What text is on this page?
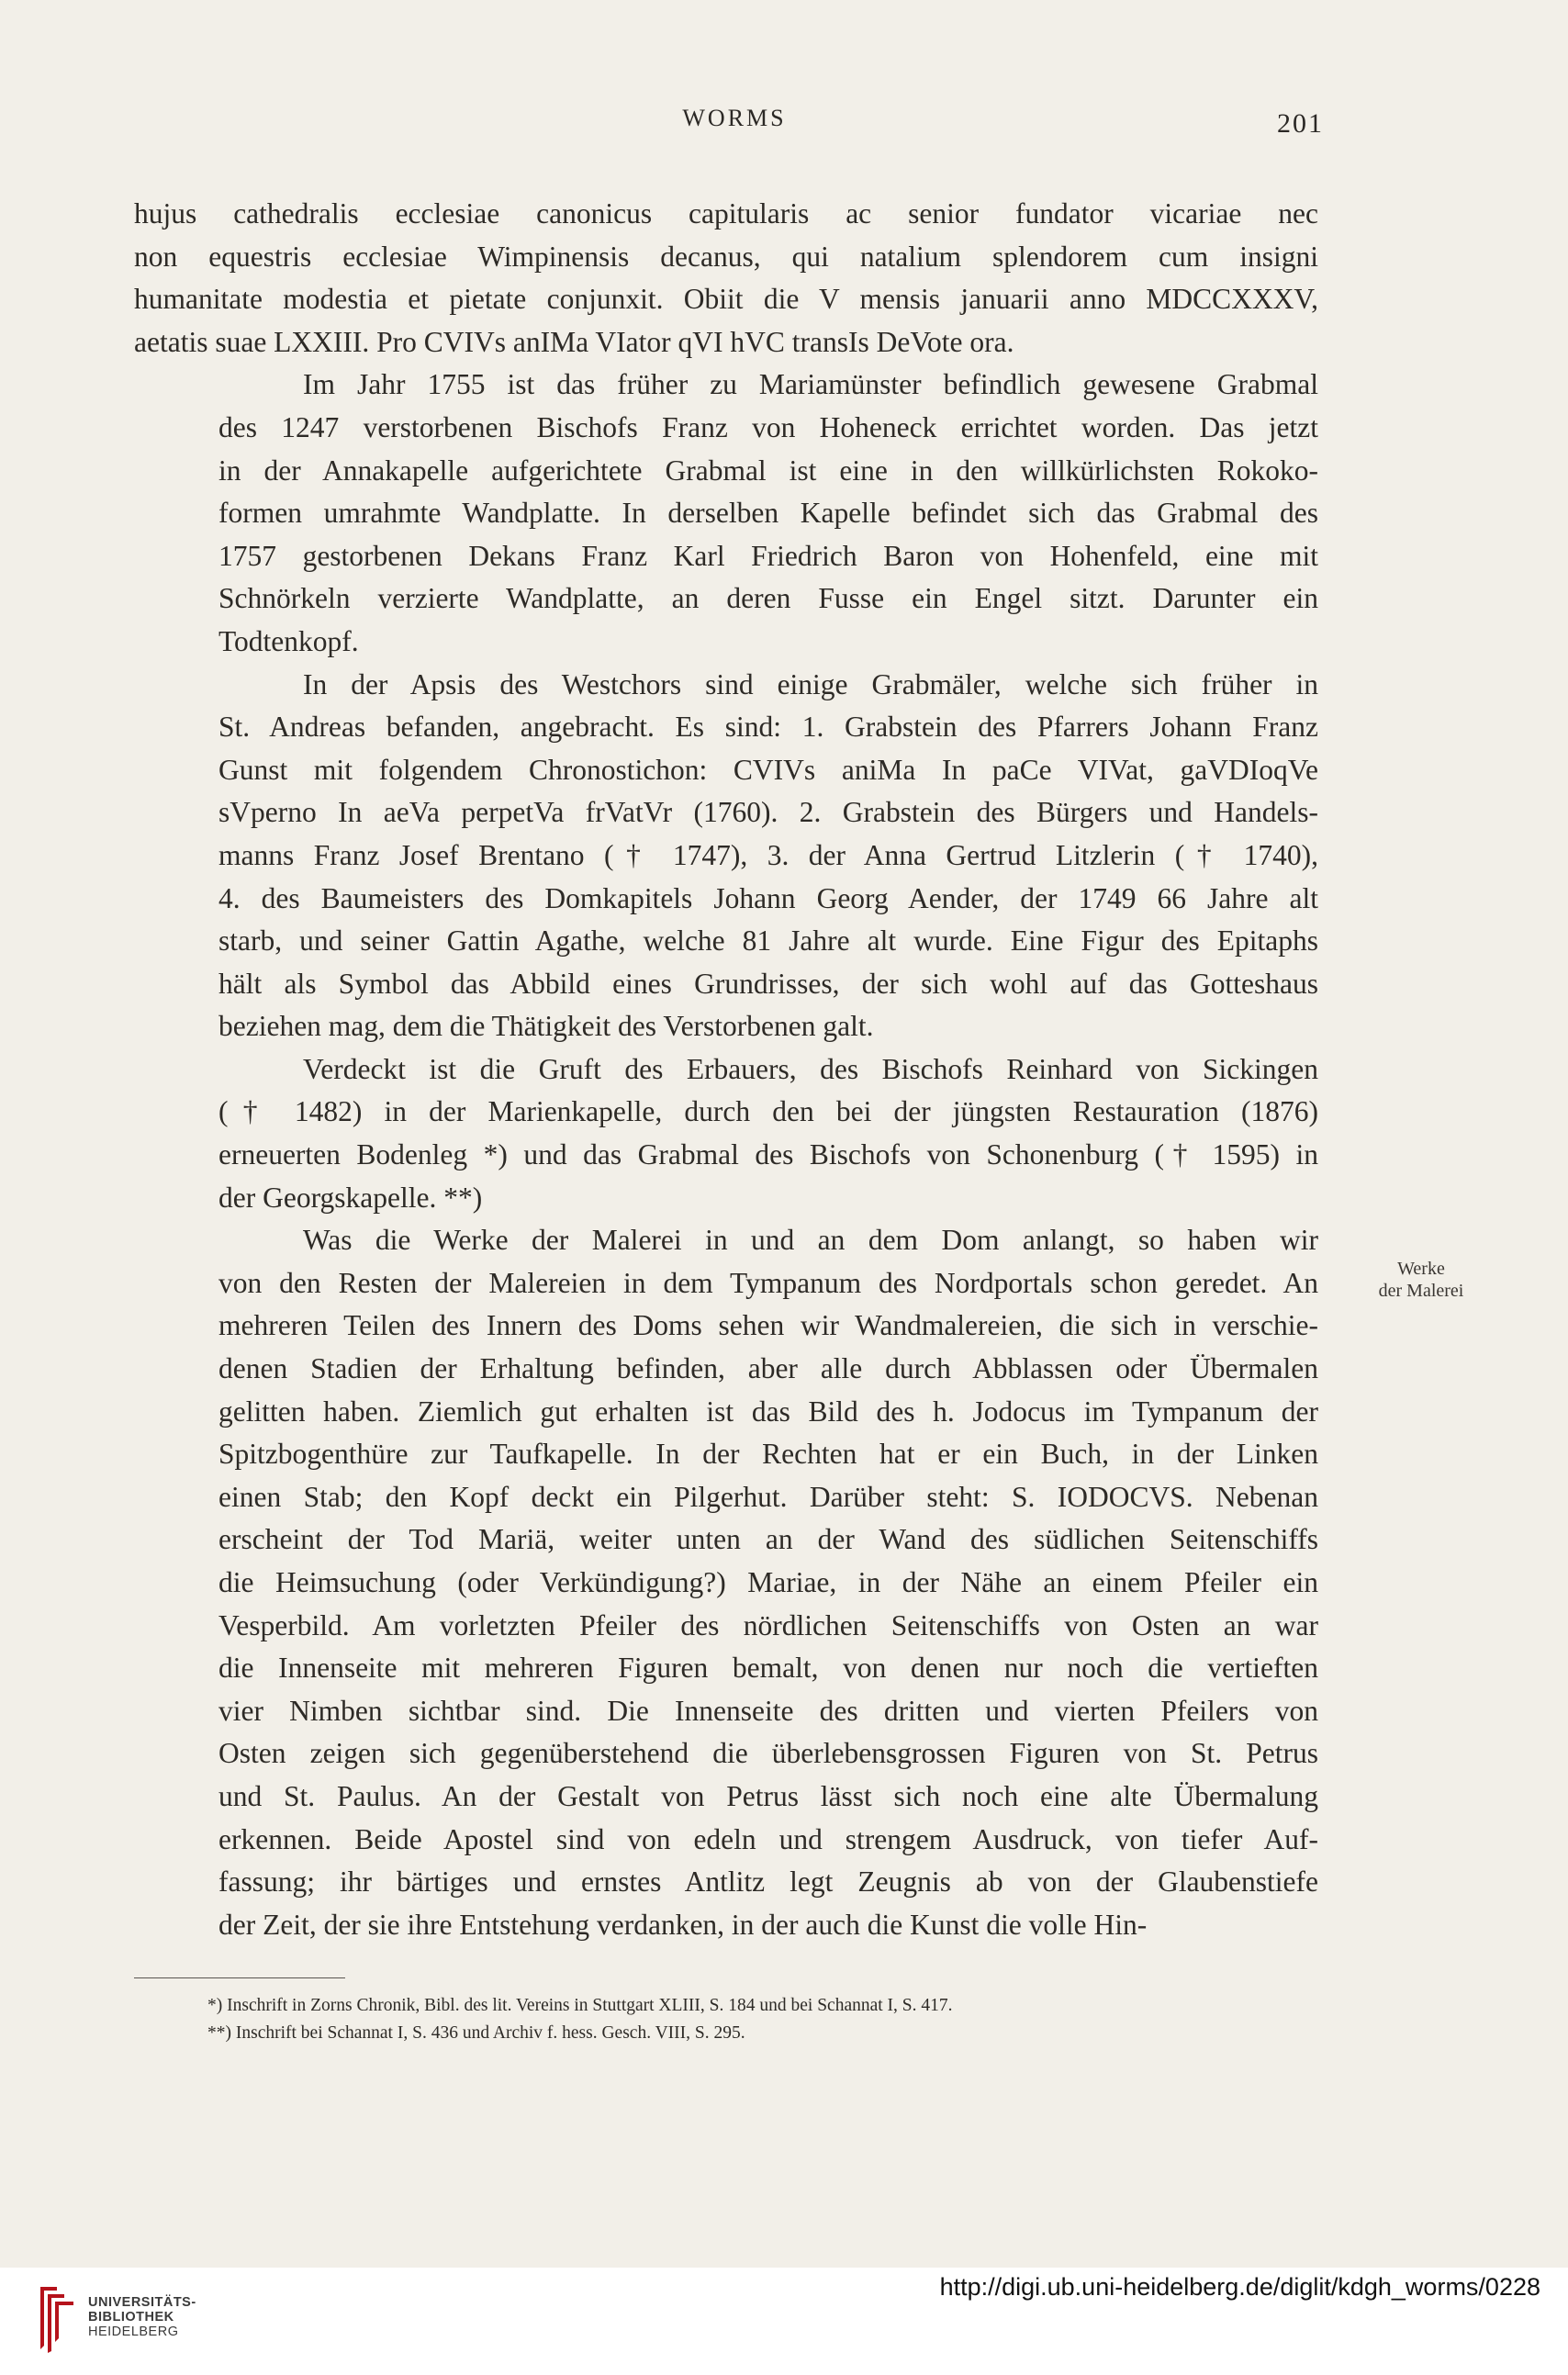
WORMS	201

hujus cathedralis ecclesiae canonicus capitularis ac senior fundator vicariae nec
non equestris ecclesiae Wimpinensis decanus, qui natalium splendorem cum insigni
humanitate modestia et pietate conjunxit. Obiit die V mensis januarii anno MDCCXXXV,
aetatis suae LXXIII. Pro CVIVs anIMa VIator qVI hVC transIs DeVote ora.

Im Jahr 1755 ist das früher zu Mariamünster befindlich gewesene Grabmal
des 1247 verstorbenen Bischofs Franz von Hoheneck errichtet worden. Das jetzt
in der Annakapelle aufgerichtete Grabmal ist eine in den willkürlichsten Rokoko-
formen umrahmte Wandplatte. In derselben Kapelle befindet sich das Grabmal des
1757 gestorbenen Dekans Franz Karl Friedrich Baron von Hohenfeld, eine mit
Schnörkeln verzierte Wandplatte, an deren Fusse ein Engel sitzt. Darunter ein
Todtenkopf.

In der Apsis des Westchors sind einige Grabmäler, welche sich früher in
St. Andreas befanden, angebracht. Es sind: 1. Grabstein des Pfarrers Johann Franz
Gunst mit folgendem Chronostichon: CVIVs aniMa In paCe VIVat, gaVDIoqVe
sVperno In aeVa perpetVa frVatVr (1760). 2. Grabstein des Bürgers und Handels-
manns Franz Josef Brentano († 1747), 3. der Anna Gertrud Litzlerin († 1740),
4. des Baumeisters des Domkapitels Johann Georg Aender, der 1749 66 Jahre alt
starb, und seiner Gattin Agathe, welche 81 Jahre alt wurde. Eine Figur des Epitaphs
hält als Symbol das Abbild eines Grundrisses, der sich wohl auf das Gotteshaus
beziehen mag, dem die Thätigkeit des Verstorbenen galt.

Verdeckt ist die Gruft des Erbauers, des Bischofs Reinhard von Sickingen
(† 1482) in der Marienkapelle, durch den bei der jüngsten Restauration (1876)
erneuerten Bodenleg *) und das Grabmal des Bischofs von Schonenburg († 1595) in
der Georgskapelle. **)

Was die Werke der Malerei in und an dem Dom anlangt, so haben wir
von den Resten der Malereien in dem Tympanum des Nordportals schon geredet. An
mehreren Teilen des Innern des Doms sehen wir Wandmalereien, die sich in verschie-
denen Stadien der Erhaltung befinden, aber alle durch Abblassen oder Übermalen
gelitten haben. Ziemlich gut erhalten ist das Bild des h. Jodocus im Tympanum der
Spitzbogenthüre zur Taufkapelle. In der Rechten hat er ein Buch, in der Linken
einen Stab; den Kopf deckt ein Pilgerhut. Darüber steht: S. IODOCVS. Nebenan
erscheint der Tod Mariä, weiter unten an der Wand des südlichen Seitenschiffs
die Heimsuchung (oder Verkündigung?) Mariae, in der Nähe an einem Pfeiler ein
Vesperbild. Am vorletzten Pfeiler des nördlichen Seitenschiffs von Osten an war
die Innenseite mit mehreren Figuren bemalt, von denen nur noch die vertieften
vier Nimben sichtbar sind. Die Innenseite des dritten und vierten Pfeilers von
Osten zeigen sich gegenüberstehend die überlebensgrossen Figuren von St. Petrus
und St. Paulus. An der Gestalt von Petrus lässt sich noch eine alte Übermalung
erkennen. Beide Apostel sind von edeln und strengem Ausdruck, von tiefer Auf-
fassung; ihr bärtiges und ernstes Antlitz legt Zeugnis ab von der Glaubenstiefe
der Zeit, der sie ihre Entstehung verdanken, in der auch die Kunst die volle Hin-

Werke
der Malerei
*) Inschrift in Zorns Chronik, Bibl. des lit. Vereins in Stuttgart XLIII, S. 184 und bei Schannat I, S. 417.
**) Inschrift bei Schannat I, S. 436 und Archiv f. hess. Gesch. VIII, S. 295.
UNIVERSITÄTS-
BIBLIOTHEK
HEIDELBERG
http://digi.ub.uni-heidelberg.de/diglit/kdgh_worms/0228
